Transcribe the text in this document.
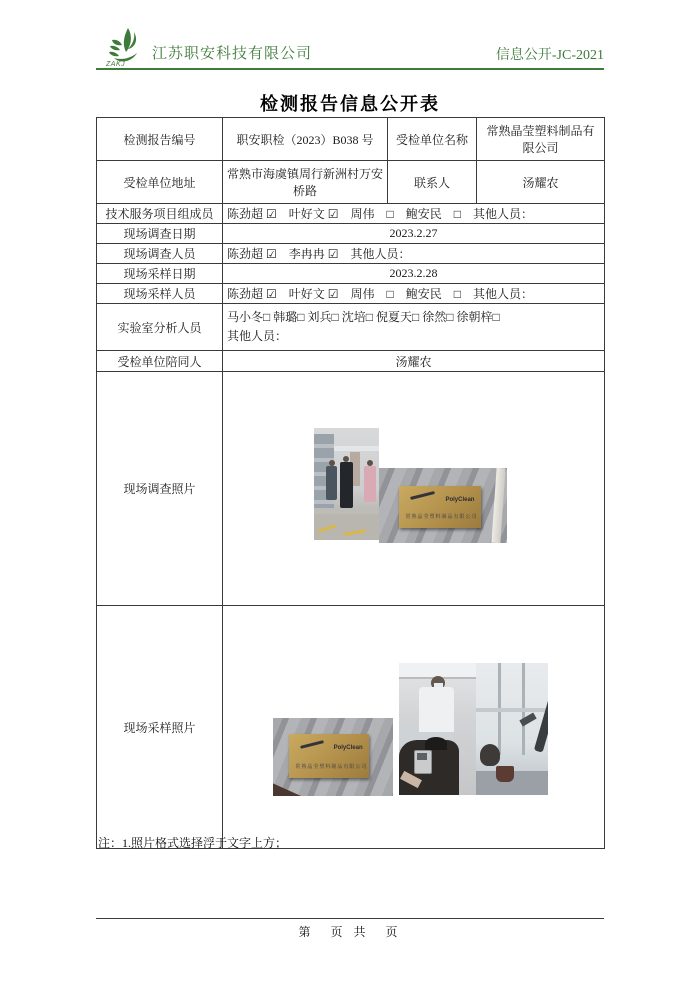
ZAKJ
江苏职安科技有限公司	信息公开-JC-2021
检测报告信息公开表
检测报告编号	职安职检（2023）B038 号	受检单位名称	常熟晶莹塑料制品有限公司
受检单位地址	常熟市海虞镇周行新洲村万安桥路	联系人	汤耀农
技术服务项目组成员	陈劲超 ☑　叶好文 ☑　周伟　□　鲍安民　□　其他人员：		
现场调查日期	2023.2.27		
现场调查人员	陈劲超 ☑　李冉冉 ☑　其他人员：		
现场采样日期	2023.2.28		
现场采样人员	陈劲超 ☑　叶好文 ☑　周伟　□　鲍安民　□　其他人员：		
实验室分析人员	马小冬□ 韩璐□ 刘兵□ 沈培□ 倪夏天□ 徐然□ 徐朝梓□
其他人员：		

受检单位陪同人	汤耀农		
现场调查照片	PolyClean
常熟晶莹塑料制品有限公司		

现场采样照片	PolyClean
常熟晶莹塑料制品有限公司		
注：1.照片格式选择浮于文字上方；
第　页 共　页
